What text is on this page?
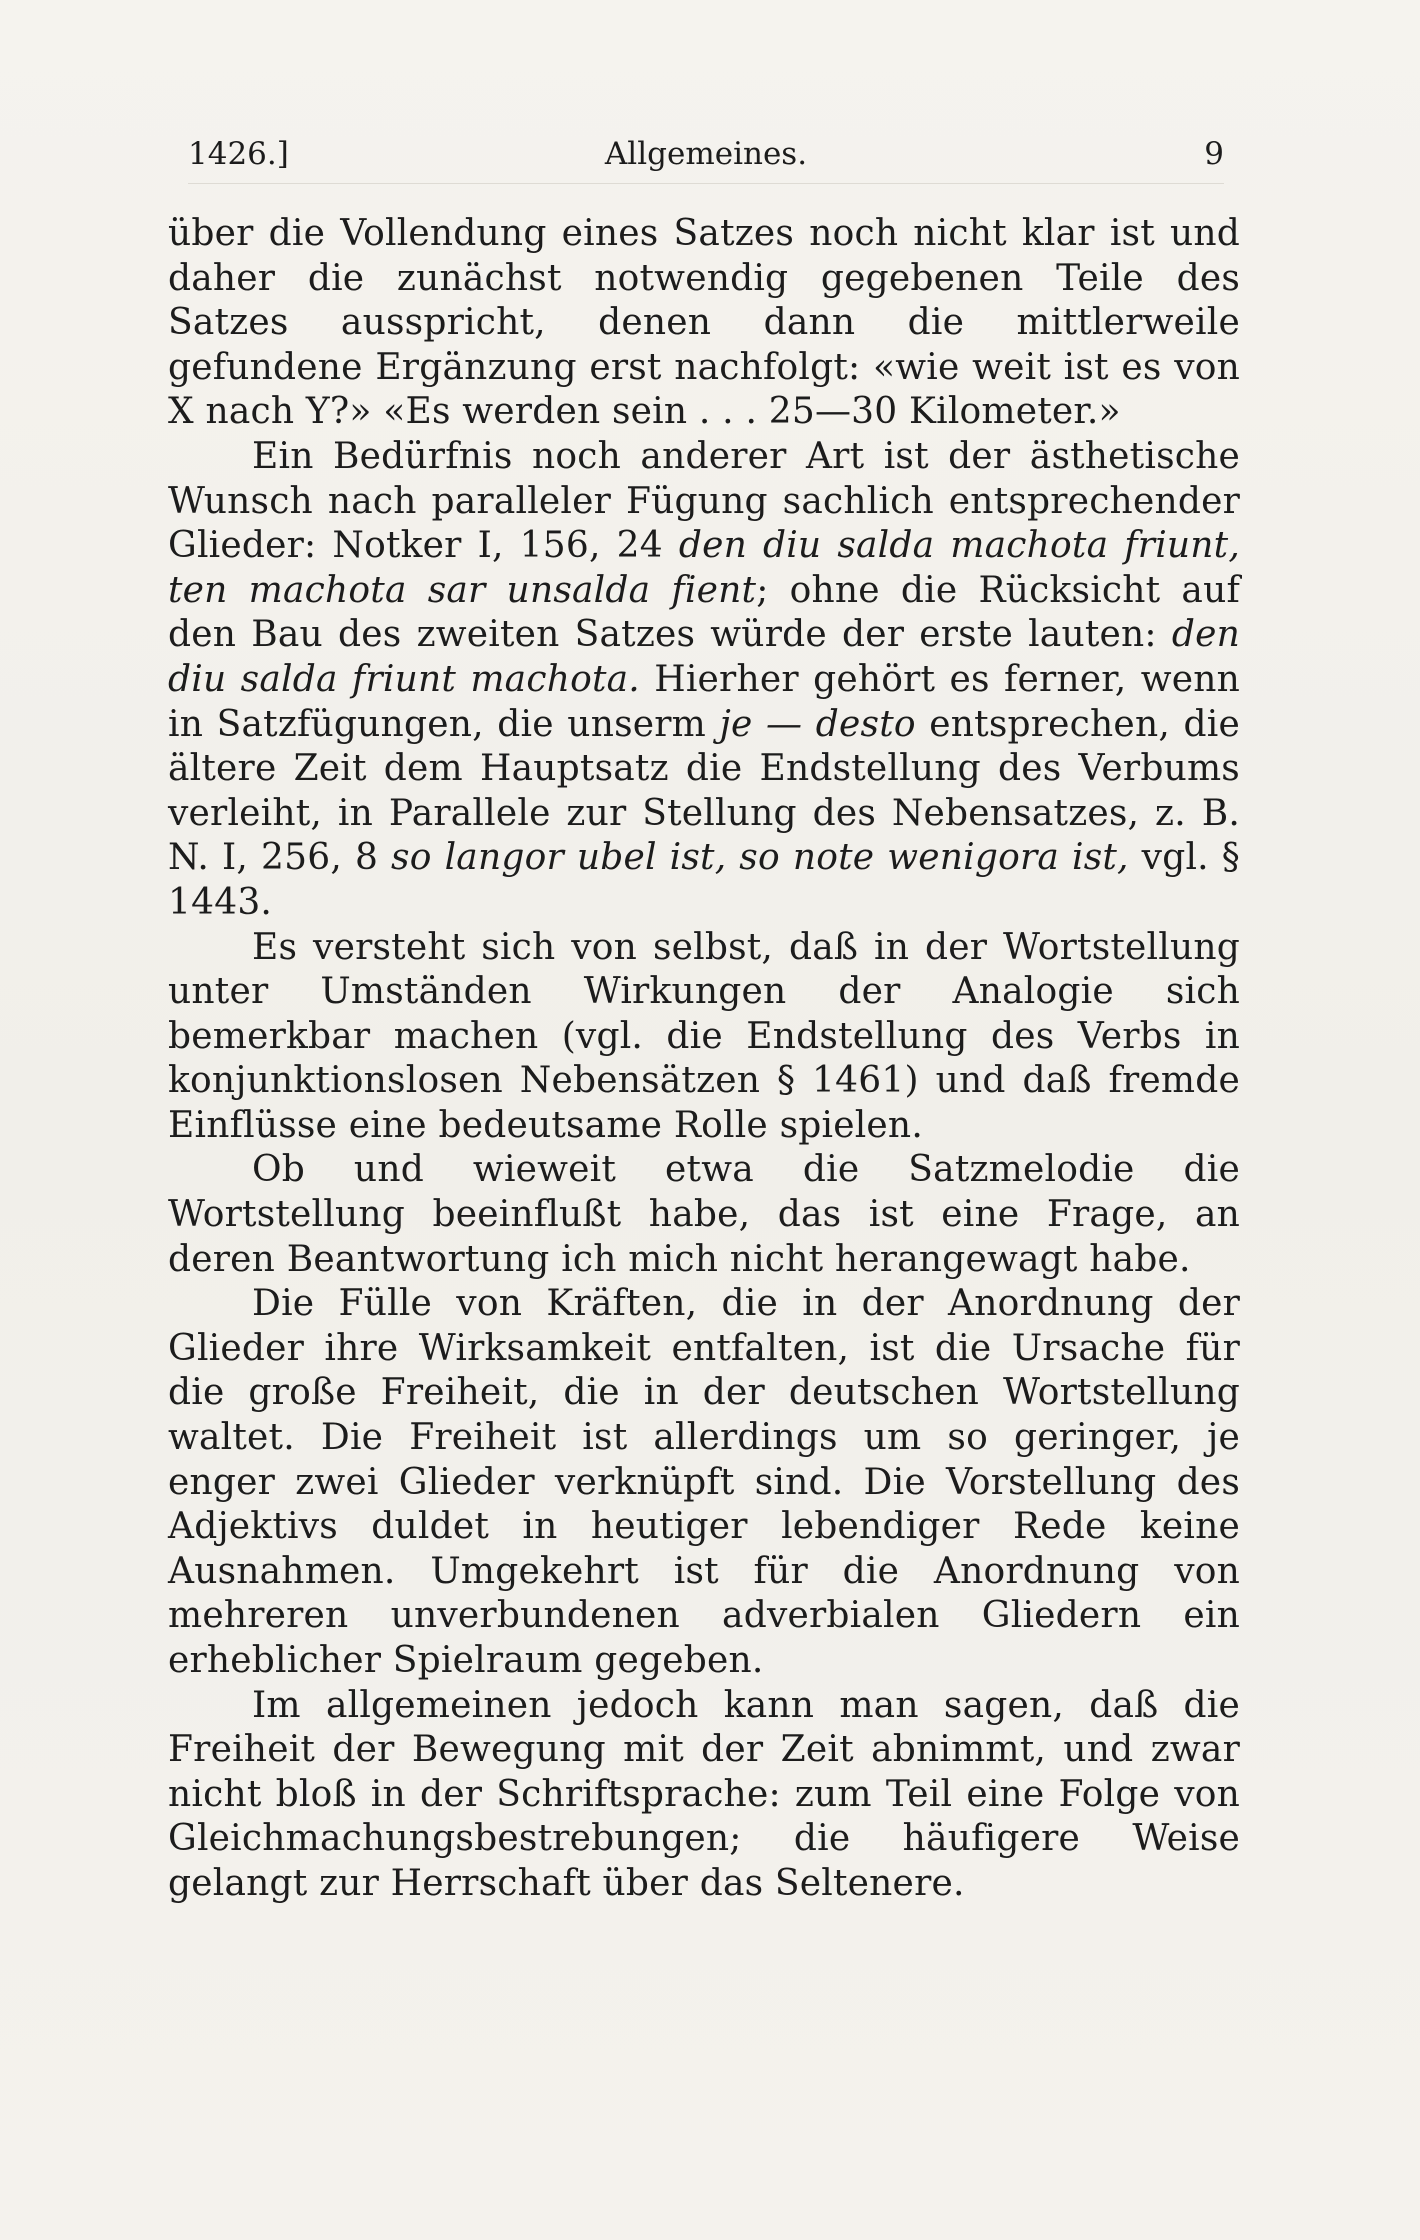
1426.]	Allgemeines.	9

über die Vollendung eines Satzes noch nicht klar ist und daher die zunächst notwendig gegebenen Teile des Satzes ausspricht, denen dann die mittlerweile gefundene Ergänzung erst nachfolgt: «wie weit ist es von X nach Y?» «Es werden sein . . . 25—30 Kilometer.»

Ein Bedürfnis noch anderer Art ist der ästhetische Wunsch nach paralleler Fügung sachlich entsprechender Glieder: Notker I, 156, 24 den diu salda machota friunt, ten machota sar unsalda fient; ohne die Rücksicht auf den Bau des zweiten Satzes würde der erste lauten: den diu salda friunt machota. Hierher gehört es ferner, wenn in Satzfügungen, die unserm je — desto entsprechen, die ältere Zeit dem Hauptsatz die Endstellung des Verbums verleiht, in Parallele zur Stellung des Nebensatzes, z. B. N. I, 256, 8 so langor ubel ist, so note wenigora ist, vgl. § 1443.

Es versteht sich von selbst, daß in der Wortstellung unter Umständen Wirkungen der Analogie sich bemerkbar machen (vgl. die Endstellung des Verbs in konjunktionslosen Nebensätzen § 1461) und daß fremde Einflüsse eine bedeutsame Rolle spielen.

Ob und wieweit etwa die Satzmelodie die Wortstellung beeinflußt habe, das ist eine Frage, an deren Beantwortung ich mich nicht herangewagt habe.

Die Fülle von Kräften, die in der Anordnung der Glieder ihre Wirksamkeit entfalten, ist die Ursache für die große Freiheit, die in der deutschen Wortstellung waltet. Die Freiheit ist allerdings um so geringer, je enger zwei Glieder verknüpft sind. Die Vorstellung des Adjektivs duldet in heutiger lebendiger Rede keine Ausnahmen. Umgekehrt ist für die Anordnung von mehreren unverbundenen adverbialen Gliedern ein erheblicher Spielraum gegeben.

Im allgemeinen jedoch kann man sagen, daß die Freiheit der Bewegung mit der Zeit abnimmt, und zwar nicht bloß in der Schriftsprache: zum Teil eine Folge von Gleichmachungsbestrebungen; die häufigere Weise gelangt zur Herrschaft über das Seltenere.
